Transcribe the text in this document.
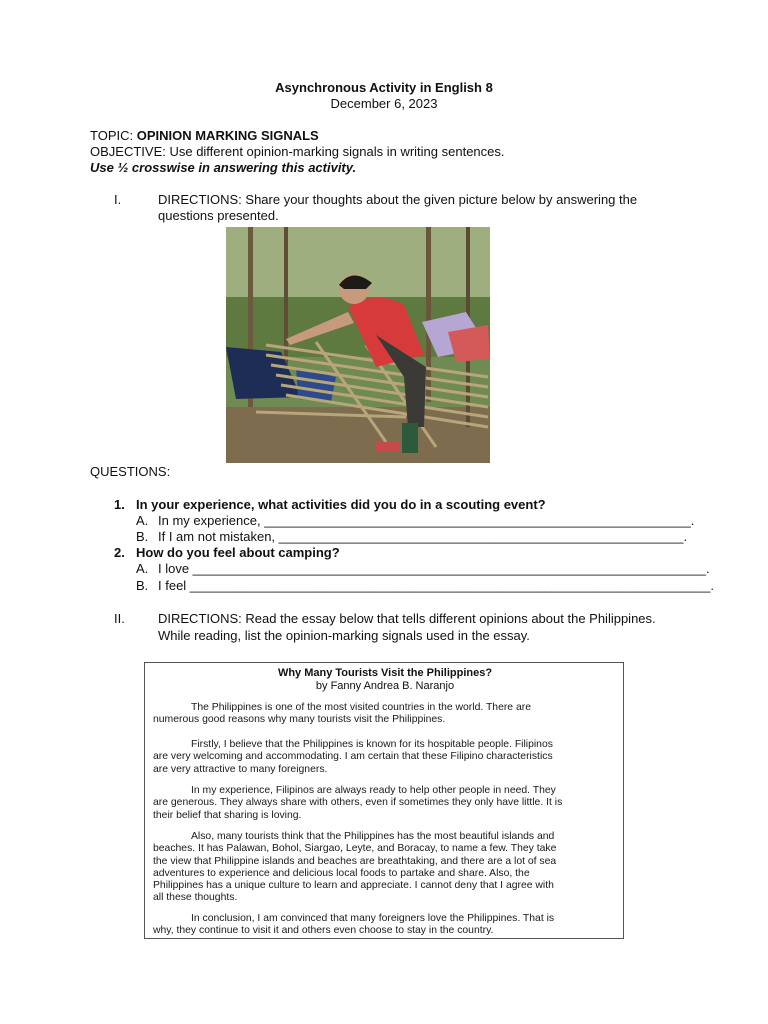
Asynchronous Activity in English 8
December 6, 2023
TOPIC: OPINION MARKING SIGNALS
OBJECTIVE: Use different opinion-marking signals in writing sentences.
Use ½ crosswise in answering this activity.
I.	DIRECTIONS: Share your thoughts about the given picture below by answering the
questions presented.
QUESTIONS:
1. In your experience, what activities did you do in a scouting event?
A. In my experience, ___________________________________________________________.
B. If I am not mistaken, ________________________________________________________.
2. How do you feel about camping?
A. I love _______________________________________________________________________.
B. I feel ________________________________________________________________________.
II.	DIRECTIONS: Read the essay below that tells different opinions about the Philippines.
While reading, list the opinion-marking signals used in the essay.
Why Many Tourists Visit the Philippines?
by Fanny Andrea B. Naranjo
The Philippines is one of the most visited countries in the world. There are
numerous good reasons why many tourists visit the Philippines.
Firstly, I believe that the Philippines is known for its hospitable people. Filipinos
are very welcoming and accommodating. I am certain that these Filipino characteristics
are very attractive to many foreigners.
In my experience, Filipinos are always ready to help other people in need. They
are generous. They always share with others, even if sometimes they only have little. It is
their belief that sharing is loving.
Also, many tourists think that the Philippines has the most beautiful islands and
beaches. It has Palawan, Bohol, Siargao, Leyte, and Boracay, to name a few. They take
the view that Philippine islands and beaches are breathtaking, and there are a lot of sea
adventures to experience and delicious local foods to partake and share. Also, the
Philippines has a unique culture to learn and appreciate. I cannot deny that I agree with
all these thoughts.
In conclusion, I am convinced that many foreigners love the Philippines. That is
why, they continue to visit it and others even choose to stay in the country.
